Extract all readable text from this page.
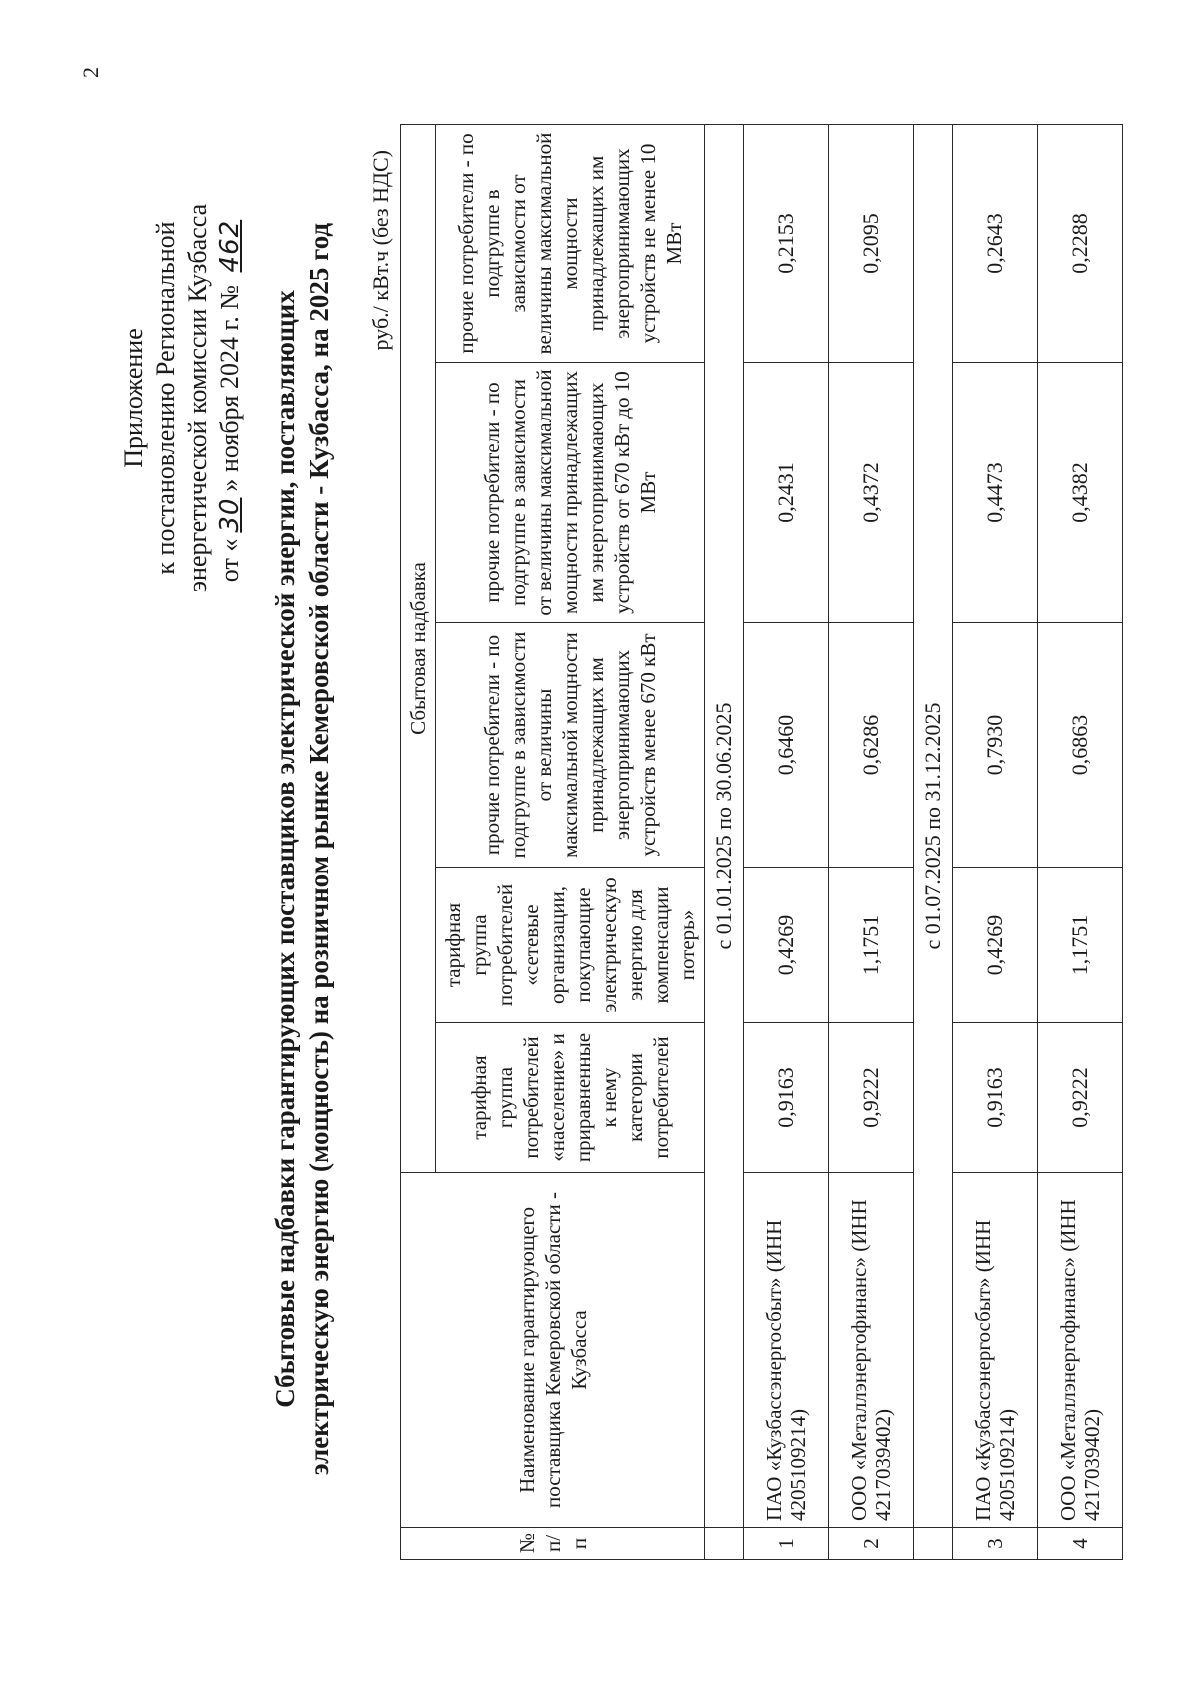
2
Приложение к постановлению Региональной энергетической комиссии Кузбасса от «30» ноября 2024 г. № 462
Сбытовые надбавки гарантирующих поставщиков электрической энергии, поставляющих электрическую энергию (мощность) на розничном рынке Кемеровской области - Кузбасса, на 2025 год руб./ кВт.ч (без НДС)
№ п/п	Наименование гарантирующего поставщика Кемеровской области - Кузбасса	Сбытовая надбавка				
		тарифная группа потребителей «население» и приравненные к нему категории потребителей	тарифная группа потребителей «сетевые организации, покупающие электрическую энергию для компенсации потерь»	прочие потребители - по подгруппе в зависимости от величины максимальной мощности принадлежащих им энергопринимающих устройств менее 670 кВт	прочие потребители - по подгруппе в зависимости от величины максимальной мощности принадлежащих им энергопринимающих устройств от 670 кВт до 10 МВт	прочие потребители - по подгруппе в зависимости от величины максимальной мощности принадлежащих им энергопринимающих устройств не менее 10 МВт
	с 01.01.2025 по 30.06.2025					
1	ПАО «Кузбассэнергосбыт» (ИНН 4205109214)	0,9163	0,4269	0,6460	0,2431	0,2153
2	ООО «Металлэнергофинанс» (ИНН 4217039402)	0,9222	1,1751	0,6286	0,4372	0,2095
	с 01.07.2025 по 31.12.2025					
3	ПАО «Кузбассэнергосбыт» (ИНН 4205109214)	0,9163	0,4269	0,7930	0,4473	0,2643
4	ООО «Металлэнергофинанс» (ИНН 4217039402)	0,9222	1,1751	0,6863	0,4382	0,2288
